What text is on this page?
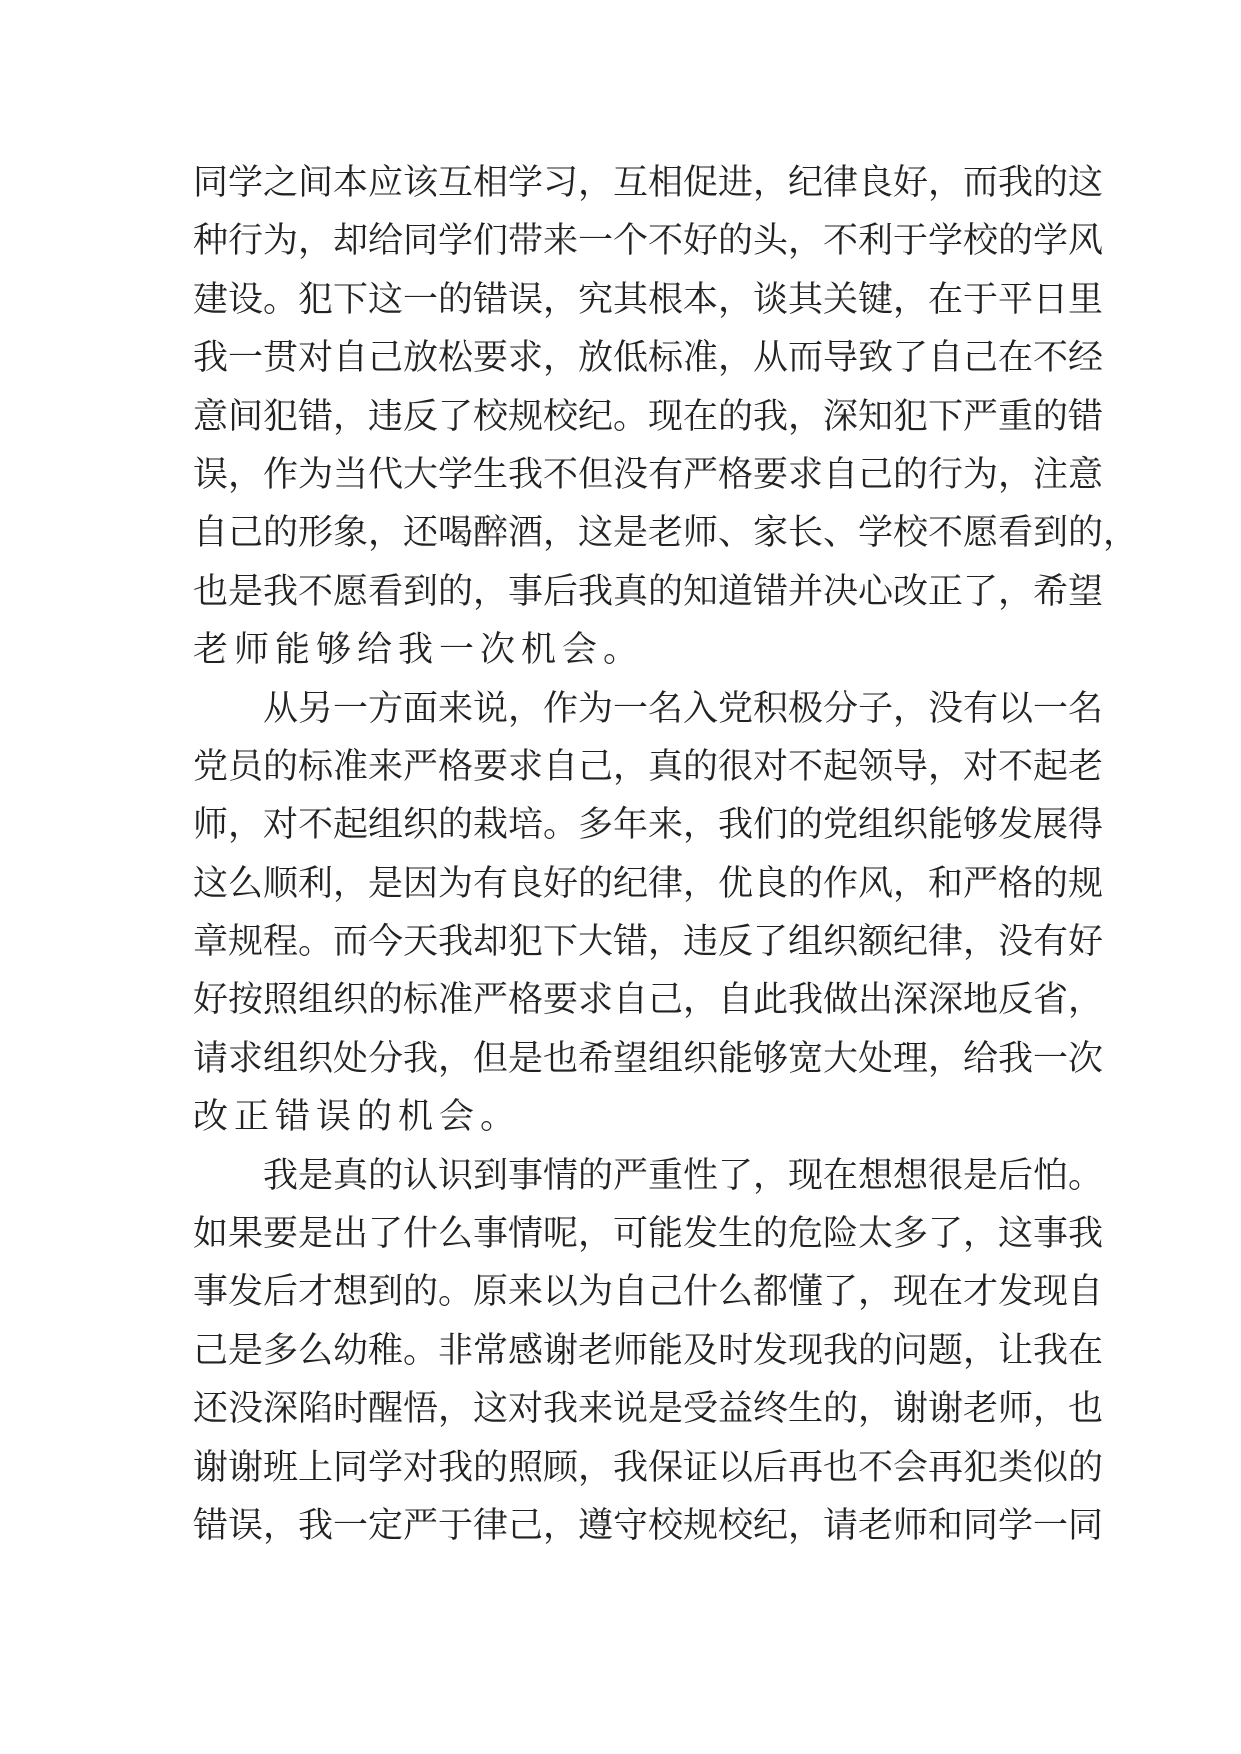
同学之间本应该互相学习，互相促进，纪律良好，而我的这
种行为，却给同学们带来一个不好的头，不利于学校的学风
建设。犯下这一的错误，究其根本，谈其关键，在于平日里
我一贯对自己放松要求，放低标准，从而导致了自己在不经
意间犯错，违反了校规校纪。现在的我，深知犯下严重的错
误，作为当代大学生我不但没有严格要求自己的行为，注意
自己的形象，还喝醉酒，这是老师、家长、学校不愿看到的，
也是我不愿看到的，事后我真的知道错并决心改正了，希望
老师能够给我一次机会。
从另一方面来说，作为一名入党积极分子，没有以一名
党员的标准来严格要求自己，真的很对不起领导，对不起老
师，对不起组织的栽培。多年来，我们的党组织能够发展得
这么顺利，是因为有良好的纪律，优良的作风，和严格的规
章规程。而今天我却犯下大错，违反了组织额纪律，没有好
好按照组织的标准严格要求自己，自此我做出深深地反省，
请求组织处分我，但是也希望组织能够宽大处理，给我一次
改正错误的机会。
我是真的认识到事情的严重性了，现在想想很是后怕。
如果要是出了什么事情呢，可能发生的危险太多了，这事我
事发后才想到的。原来以为自己什么都懂了，现在才发现自
己是多么幼稚。非常感谢老师能及时发现我的问题，让我在
还没深陷时醒悟，这对我来说是受益终生的，谢谢老师，也
谢谢班上同学对我的照顾，我保证以后再也不会再犯类似的
错误，我一定严于律己，遵守校规校纪，请老师和同学一同
